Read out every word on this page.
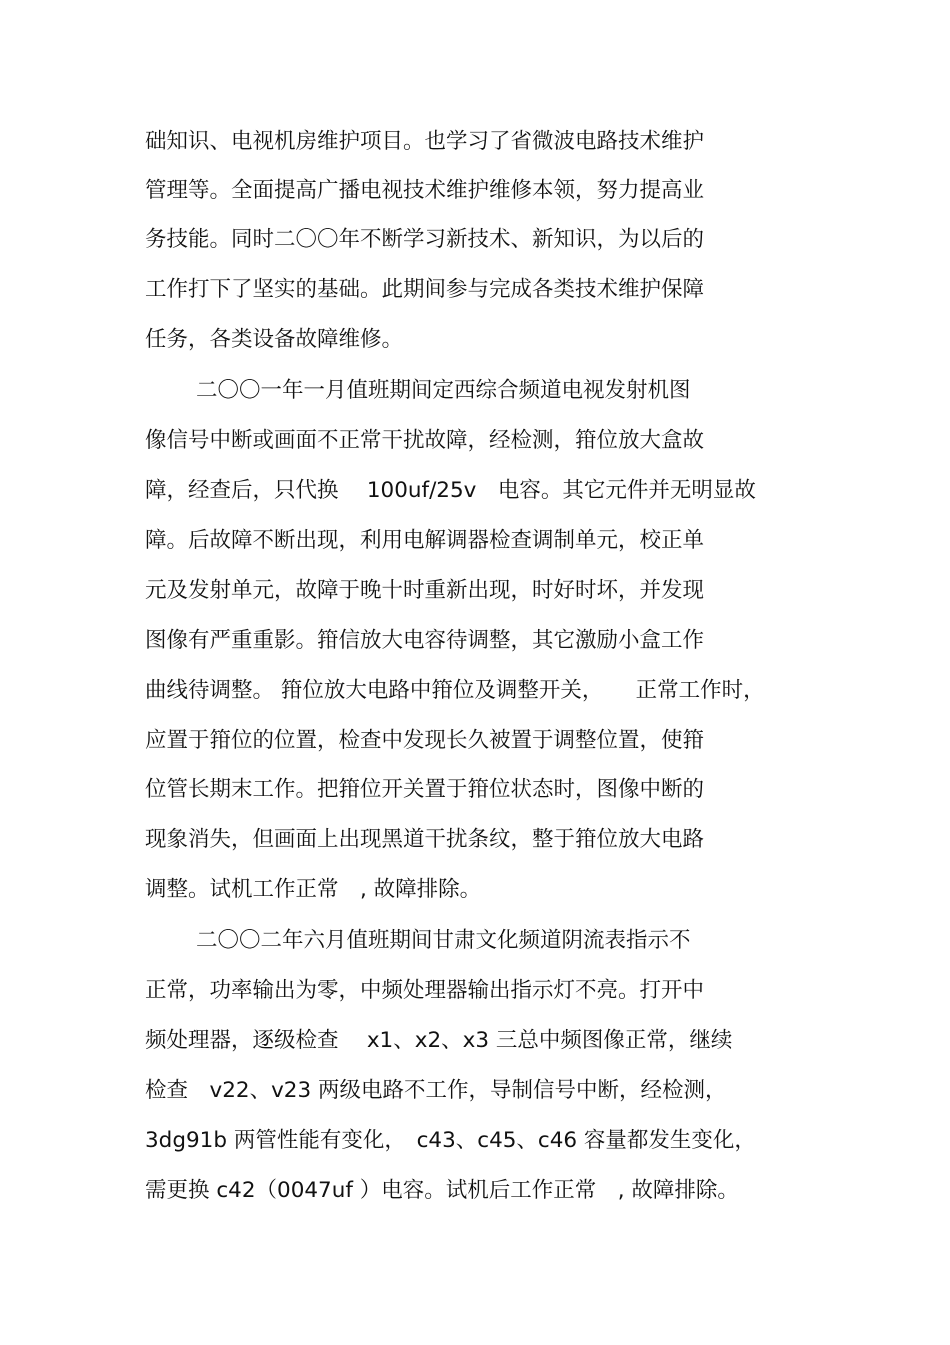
础知识、电视机房维护项目。也学习了省微波电路技术维护
管理等。全面提高广播电视技术维护维修本领，努力提高业
务技能。同时二〇〇年不断学习新技术、新知识，为以后的
工作打下了坚实的基础。此期间参与完成各类技术维护保障
任务，各类设备故障维修。
二〇〇一年一月值班期间定西综合频道电视发射机图
像信号中断或画面不正常干扰故障，经检测，箝位放大盒故
障，经查后，只代换　 100uf/25v　电容。其它元件并无明显故
障。后故障不断出现，利用电解调器检查调制单元，校正单
元及发射单元，故障于晚十时重新出现，时好时坏，并发现
图像有严重重影。箝信放大电容待调整，其它激励小盒工作
曲线待调整。 箝位放大电路中箝位及调整开关，　　正常工作时，
应置于箝位的位置，检查中发现长久被置于调整位置，使箝
位管长期末工作。把箝位开关置于箝位状态时，图像中断的
现象消失，但画面上出现黑道干扰条纹，整于箝位放大电路
调整。试机工作正常　, 故障排除。
二〇〇二年六月值班期间甘肃文化频道阴流表指示不
正常，功率输出为零，中频处理器输出指示灯不亮。打开中
频处理器，逐级检查　 x1、x2、x3 三总中频图像正常，继续
检查　v22、v23 两级电路不工作，导制信号中断，经检测，
3dg91b 两管性能有变化，　c43、c45、c46 容量都发生变化，
需更换 c42（0047uf ）电容。试机后工作正常　, 故障排除。
